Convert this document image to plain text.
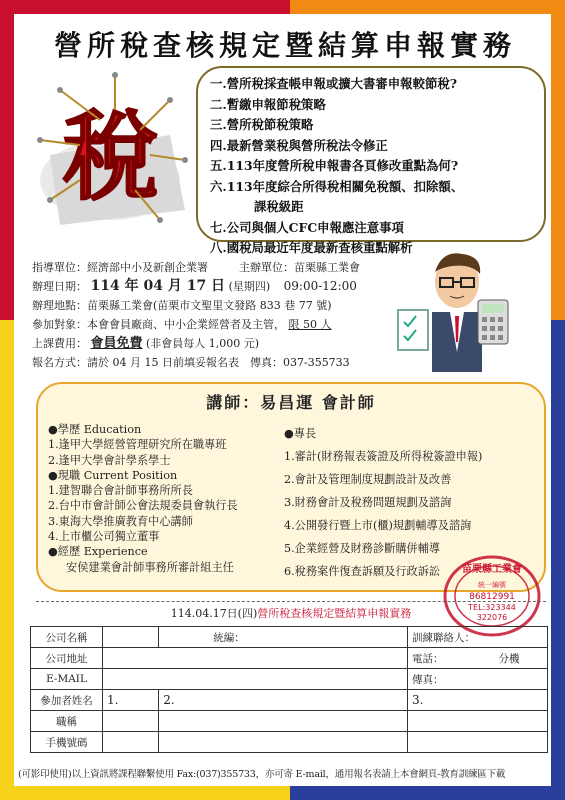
營所稅查核規定暨結算申報實務
稅
一.營所稅採查帳申報或擴大書審申報較節稅?
二.暫繳申報節稅策略
三.營所稅節稅策略
四.最新營業稅與營所稅法令修正
五.113年度營所稅申報書各頁修改重點為何?
六.113年度綜合所得稅相關免稅額、扣除額、
課稅級距
七.公司與個人CFC申報應注意事項
八.國稅局最近年度最新查核重點解析
指導單位：經濟部中小及新創企業署	主辦單位：苗栗縣工業會
辦理日期： 114 年 04 月 17 日 (星期四) 09:00-12:00
辦理地點：苗栗縣工業會(苗栗市文聖里文發路 833 巷 77 號)
參加對象：本會會員廠商、中小企業經營者及主管， 限 50 人
上課費用： 會員免費 (非會員每人 1,000 元)
報名方式：請於 04 月 15 日前填妥報名表　傳真：037-355733
講師：易昌運 會計師
●學歷 Education
1.逢甲大學經營管理研究所在職專班
2.逢甲大學會計學系學士
●現職 Current Position
1.建智聯合會計師事務所所長
2.台中市會計師公會法規委員會執行長
3.東海大學推廣教育中心講師
4.上市櫃公司獨立董事
●經歷 Experience
安侯建業會計師事務所審計組主任
●專長
1.審計(財務報表簽證及所得稅簽證申報)
2.會計及管理制度規劃設計及改善
3.財務會計及稅務問題規劃及諮詢
4.公開發行暨上市(櫃)規劃輔導及諮詢
5.企業經營及財務診斷購併輔導
6.稅務案件復查訴願及行政訴訟	苗栗縣工業會
統一編號
86812991
TEL:323344
322076
114.04.17日(四)營所稅查核規定暨結算申報實務
公司名稱		統編：	訓練聯絡人：
公司地址			電話： 分機
E-MAIL			傳真：
參加者姓名	1.	2.	3.
職稱			
手機號碼			
(可影印使用)以上資訊將課程聯繫使用 Fax:(037)355733，亦可寄 E-mail，通用報名表請上本會網頁-教育訓練區下載
